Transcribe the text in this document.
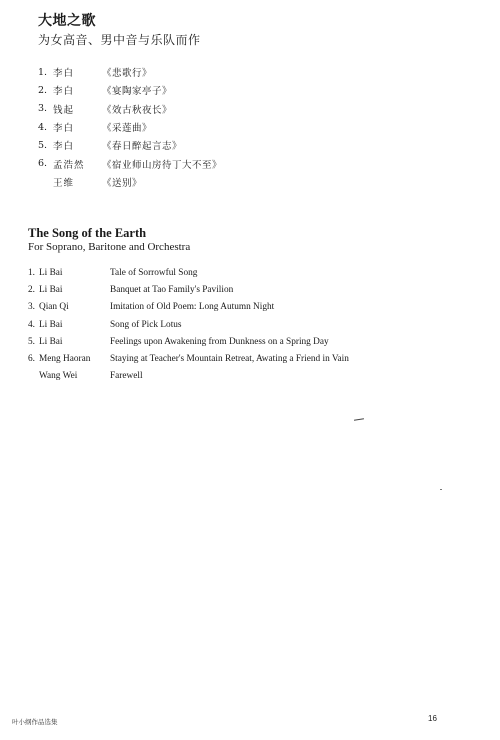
大地之歌
为女高音、男中音与乐队而作
1. 李白	《悲歌行》
2. 李白	《宴陶家亭子》
3. 钱起	《效古秋夜长》
4. 李白	《采莲曲》
5. 李白	《春日醉起言志》
6. 孟浩然	《宿业师山房待丁大不至》
王维	《送别》
The Song of the Earth
For Soprano, Baritone and Orchestra
1. Li Bai	Tale of Sorrowful Song
2. Li Bai	Banquet at Tao Family's Pavilion
3. Qian Qi	Imitation of Old Poem: Long Autumn Night
4. Li Bai	Song of Pick Lotus
5. Li Bai	Feelings upon Awakening from Dunkness on a Spring Day
6. Meng Haoran	Staying at Teacher's Mountain Retreat, Awating a Friend in Vain
Wang Wei	Farewell
叶小纲作品选集	16
